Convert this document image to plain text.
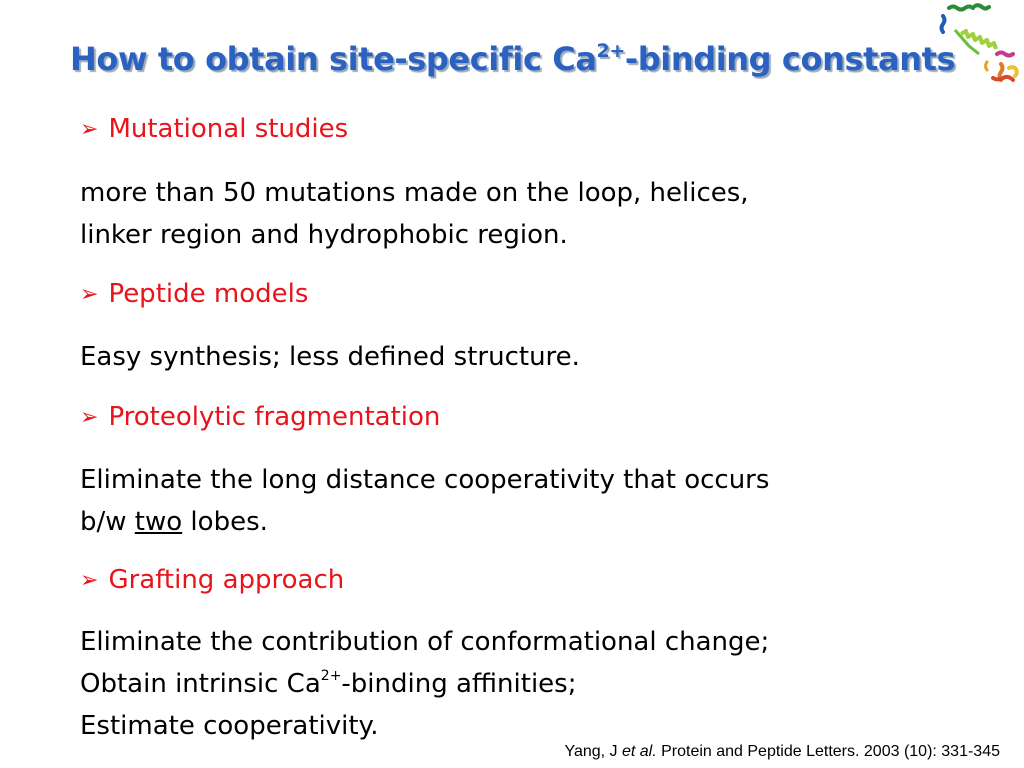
How to obtain site-specific $Ca^{2+}$-binding constants
➢ Mutational studies
more than 50 mutations made on the loop, helices,
linker region and hydrophobic region.
➢ Peptide models
Easy synthesis; less defined structure.
➢ Proteolytic fragmentation
Eliminate the long distance cooperativity that occurs
b/w two lobes.
➢ Grafting approach
Eliminate the contribution of conformational change;
Obtain intrinsic $Ca^{2+}$-binding affinities;
Estimate cooperativity.
Yang, J et al. Protein and Peptide Letters. 2003 (10): 331-345
